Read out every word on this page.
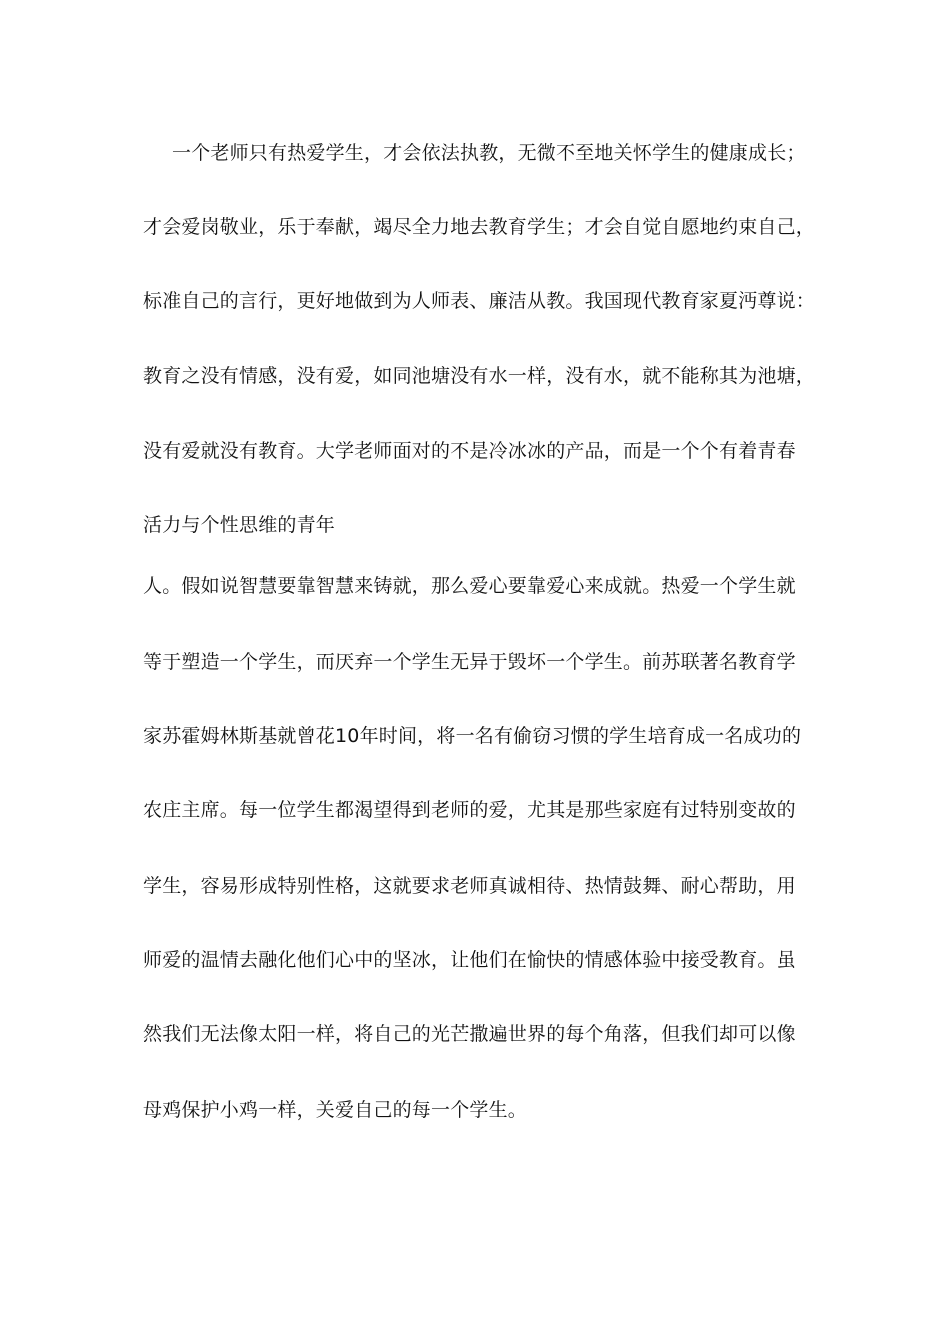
一个老师只有热爱学生，才会依法执教，无微不至地关怀学生的健康成长；
才会爱岗敬业，乐于奉献，竭尽全力地去教育学生；才会自觉自愿地约束自己，
标准自己的言行，更好地做到为人师表、廉洁从教。我国现代教育家夏沔尊说：
教育之没有情感，没有爱，如同池塘没有水一样，没有水，就不能称其为池塘，
没有爱就没有教育。大学老师面对的不是冷冰冰的产品，而是一个个有着青春
活力与个性思维的青年
人。假如说智慧要靠智慧来铸就，那么爱心要靠爱心来成就。热爱一个学生就
等于塑造一个学生，而厌弃一个学生无异于毁坏一个学生。前苏联著名教育学
家苏霍姆林斯基就曾花10年时间，将一名有偷窃习惯的学生培育成一名成功的
农庄主席。每一位学生都渴望得到老师的爱，尤其是那些家庭有过特别变故的
学生，容易形成特别性格，这就要求老师真诚相待、热情鼓舞、耐心帮助，用
师爱的温情去融化他们心中的坚冰，让他们在愉快的情感体验中接受教育。虽
然我们无法像太阳一样，将自己的光芒撒遍世界的每个角落，但我们却可以像
母鸡保护小鸡一样，关爱自己的每一个学生。
